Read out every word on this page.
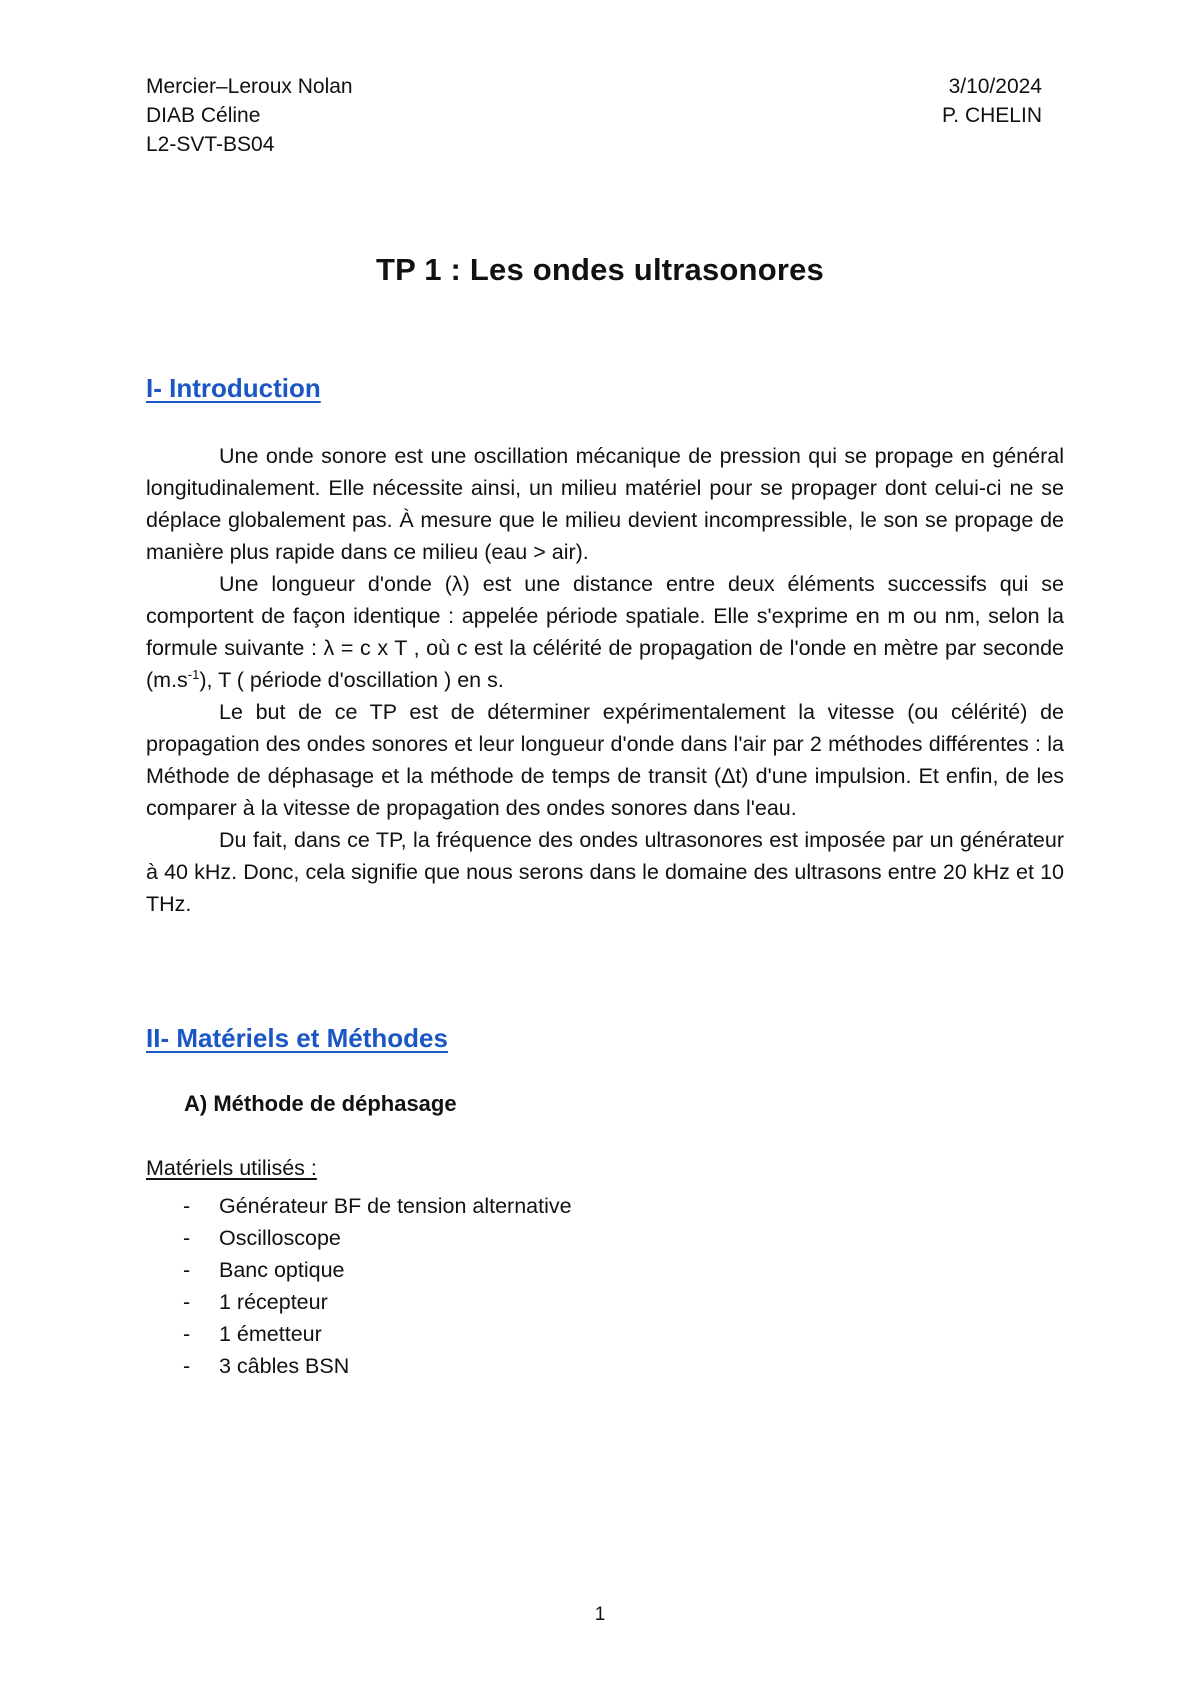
Mercier–Leroux Nolan
DIAB Céline
L2-SVT-BS04
3/10/2024
P. CHELIN
TP 1 : Les ondes ultrasonores
I- Introduction

Une onde sonore est une oscillation mécanique de pression qui se propage en général longitudinalement. Elle nécessite ainsi, un milieu matériel pour se propager dont celui-ci ne se déplace globalement pas. À mesure que le milieu devient incompressible, le son se propage de manière plus rapide dans ce milieu (eau > air).

Une longueur d'onde (λ) est une distance entre deux éléments successifs qui se comportent de façon identique : appelée période spatiale. Elle s'exprime en m ou nm, selon la formule suivante : λ = c x T , où c est la célérité de propagation de l'onde en mètre par seconde $(m.s^{-1})$, T ( période d'oscillation ) en s.

Le but de ce TP est de déterminer expérimentalement la vitesse (ou célérité) de propagation des ondes sonores et leur longueur d'onde dans l'air par 2 méthodes différentes : la Méthode de déphasage et la méthode de temps de transit (Δt) d'une impulsion. Et enfin, de les comparer à la vitesse de propagation des ondes sonores dans l'eau.

Du fait, dans ce TP, la fréquence des ondes ultrasonores est imposée par un générateur à 40 kHz. Donc, cela signifie que nous serons dans le domaine des ultrasons entre 20 kHz et 10 THz.

II- Matériels et Méthodes
A) Méthode de déphasage
Matériels utilisés :
- Générateur BF de tension alternative
- Oscilloscope
- Banc optique
- 1 récepteur
- 1 émetteur
- 3 câbles BSN
1
